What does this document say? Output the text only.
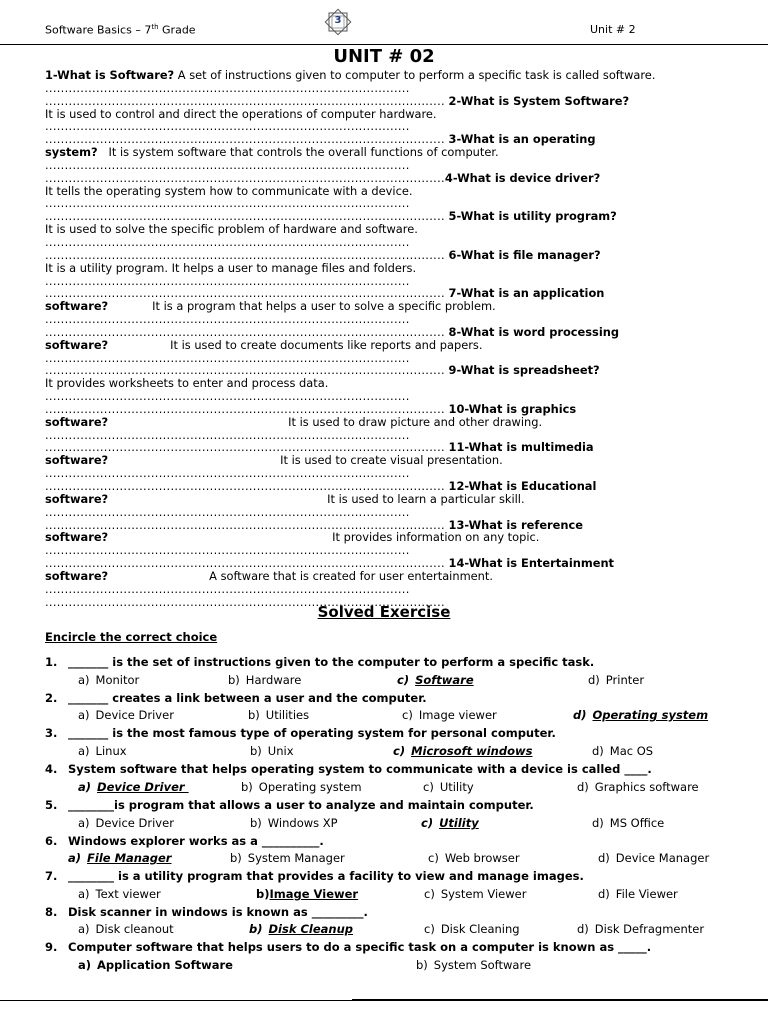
Software Basics – 7th Grade
3
Unit # 2
UNIT # 02
1-What is Software? A set of instructions given to computer to perform a specific task is called software.
.............................................................................................
...................................................................................................... 2-What is System Software?
It is used to control and direct the operations of computer hardware.
.............................................................................................
...................................................................................................... 3-What is an operating
system?   It is system software that controls the overall functions of computer.
.............................................................................................
......................................................................................................4-What is device driver?
It tells the operating system how to communicate with a device.
.............................................................................................
...................................................................................................... 5-What is utility program?
It is used to solve the specific problem of hardware and software.
.............................................................................................
...................................................................................................... 6-What is file manager?
It is a utility program. It helps a user to manage files and folders.
.............................................................................................
...................................................................................................... 7-What is an application
software?	It is a program that helps a user to solve a specific problem.
.............................................................................................
...................................................................................................... 8-What is word processing
software?	It is used to create documents like reports and papers.
.............................................................................................
...................................................................................................... 9-What is spreadsheet?
It provides worksheets to enter and process data.
.............................................................................................
...................................................................................................... 10-What is graphics
software?	It is used to draw picture and other drawing.
.............................................................................................
...................................................................................................... 11-What is multimedia
software?	It is used to create visual presentation.
.............................................................................................
...................................................................................................... 12-What is Educational
software?	It is used to learn a particular skill.
.............................................................................................
...................................................................................................... 13-What is reference
software?	It provides information on any topic.
.............................................................................................
...................................................................................................... 14-What is Entertainment
software?	A software that is created for user entertainment.
.............................................................................................
......................................................................................................
Solved Exercise
Encircle the correct choice
1. _______ is the set of instructions given to the computer to perform a specific task.
a) Monitor	b) Hardware	c) Software	d) Printer
2. _______ creates a link between a user and the computer.
a) Device Driver	b) Utilities	c) Image viewer	d) Operating system
3. _______ is the most famous type of operating system for personal computer.
a) Linux	b) Unix	c) Microsoft windows	d) Mac OS
4. System software that helps operating system to communicate with a device is called ____.
a) Device Driver	b) Operating system	c) Utility	d) Graphics software
5. ________is program that allows a user to analyze and maintain computer.
a) Device Driver	b) Windows XP	c) Utility	d) MS Office
6. Windows explorer works as a __________.
a) File Manager	b) System Manager	c) Web browser	d) Device Manager
7. ________ is a utility program that provides a facility to view and manage images.
a) Text viewer	b)Image Viewer	c) System Viewer	d) File Viewer
8. Disk scanner in windows is known as _________.
a) Disk cleanout	b) Disk Cleanup	c) Disk Cleaning	d) Disk Defragmenter
9. Computer software that helps users to do a specific task on a computer is known as _____.
a) Application Software	b) System Software
